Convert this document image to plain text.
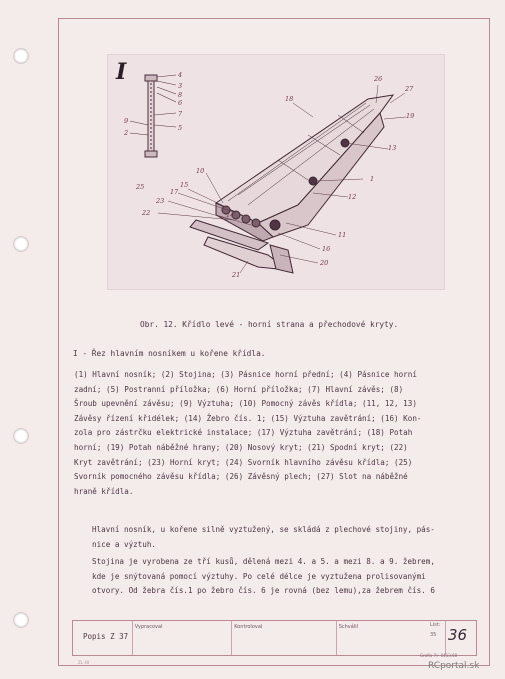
I	4
3
8
6
7
5
9
2
26
27
18
19
13
1
12
11
10
15
17
23
22	14
16
20
21
25
Obr. 12. Křídlo levé - horní strana a přechodové kryty.
I - Řez hlavním nosníkem u kořene křídla.

(1) Hlavní nosník; (2) Stojina; (3) Pásnice horní přední; (4) Pásnice horní

zadní; (5) Postranní příložka; (6) Horní příložka; (7) Hlavní závěs; (8)

Šroub upevnění závěsu; (9) Výztuha; (10) Pomocný závěs křídla; (11, 12, 13)

Závěsy řízení křidélek; (14) Žebro čís. 1; (15) Výztuha zavětrání; (16) Kon-

zola pro zástrčku elektrické instalace; (17) Výztuha zavětrání; (18) Potah

horní; (19) Potah náběžné hrany; (20) Nosový kryt; (21) Spodní kryt; (22)

Kryt zavětrání; (23) Horní kryt; (24) Svorník hlavního závěsu křídla; (25)

Svorník pomocného závěsu křídla; (26) Závěsný plech; (27) Slot na náběžné

hraně křídla.

Hlavní nosník, u kořene silně vyztužený, se skládá z plechové stojiny, pás-

nice a výztuh.

Stojina je vyrobena ze tří kusů, dělená mezi 4. a 5. a mezi 8. a 9. žebrem,

kde je snýtovaná pomocí výztuhy. Po celé délce je vyztužena prolisovanými

otvory. Od žebra čís.1 po žebro čís. 6 je rovná (bez lemu),za žebrem čís. 6

Popis Z 37
Vypracoval	Kontroloval	Schválil	List:
35 36
Grafia 7> 0413.68
ZL 40	RCportal.sk
